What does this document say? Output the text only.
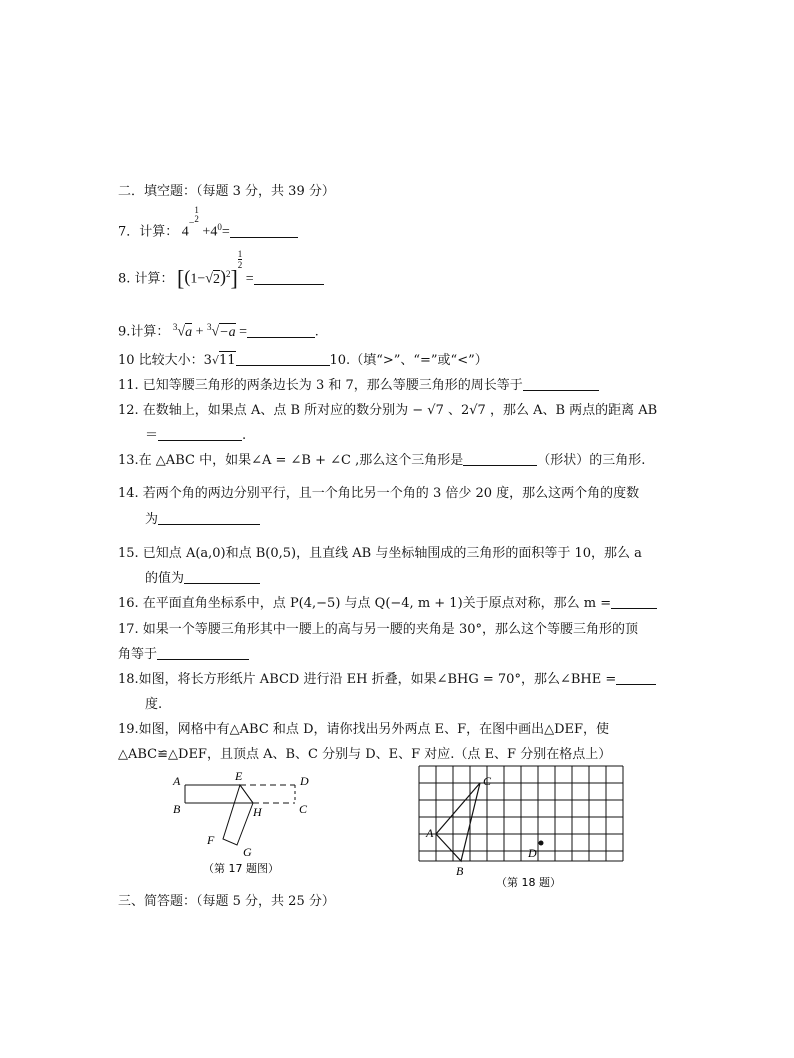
二．填空题：（每题 3 分，共 39 分）
7．计算： 4−1
$2 +4^0=$
8. 计算： $[(1-√2)^2]\frac{1}{2}$ =
9.计算： $^3$√a + $^3$√−a =	.
10 比较大小：3√11	10.（填“>”、“=”或“<”）
11. 已知等腰三角形的两条边长为 3 和 7，那么等腰三角形的周长等于
12. 在数轴上，如果点 A、点 B 所对应的数分别为 − √7 、2√7 ，那么 A、B 两点的距离 AB
＝	.
13.在 △ABC 中，如果∠A = ∠B + ∠C ,那么这个三角形是	（形状）的三角形.
14. 若两个角的两边分别平行，且一个角比另一个角的 3 倍少 20 度，那么这两个角的度数
为
15. 已知点 A(a,0)和点 B(0,5)，且直线 AB 与坐标轴围成的三角形的面积等于 10，那么 a
的值为
16. 在平面直角坐标系中，点 P(4,−5) 与点 Q(−4, m + 1)关于原点对称，那么 m =
17. 如果一个等腰三角形其中一腰上的高与另一腰的夹角是 30°，那么这个等腰三角形的顶
角等于
18.如图，将长方形纸片 ABCD 进行沿 EH 折叠，如果∠BHG = 70°，那么∠BHE =
度.
19.如图，网格中有△ABC 和点 D，请你找出另外两点 E、F，在图中画出△DEF，使
△ABC≌△DEF，且顶点 A、B、C 分别与 D、E、F 对应.（点 E、F 分别在格点上）
A
B	C
D
E
F
G
H
（第 17 题图）
A
B
C
D
（第 18 题）
三、简答题：（每题 5 分，共 25 分）
